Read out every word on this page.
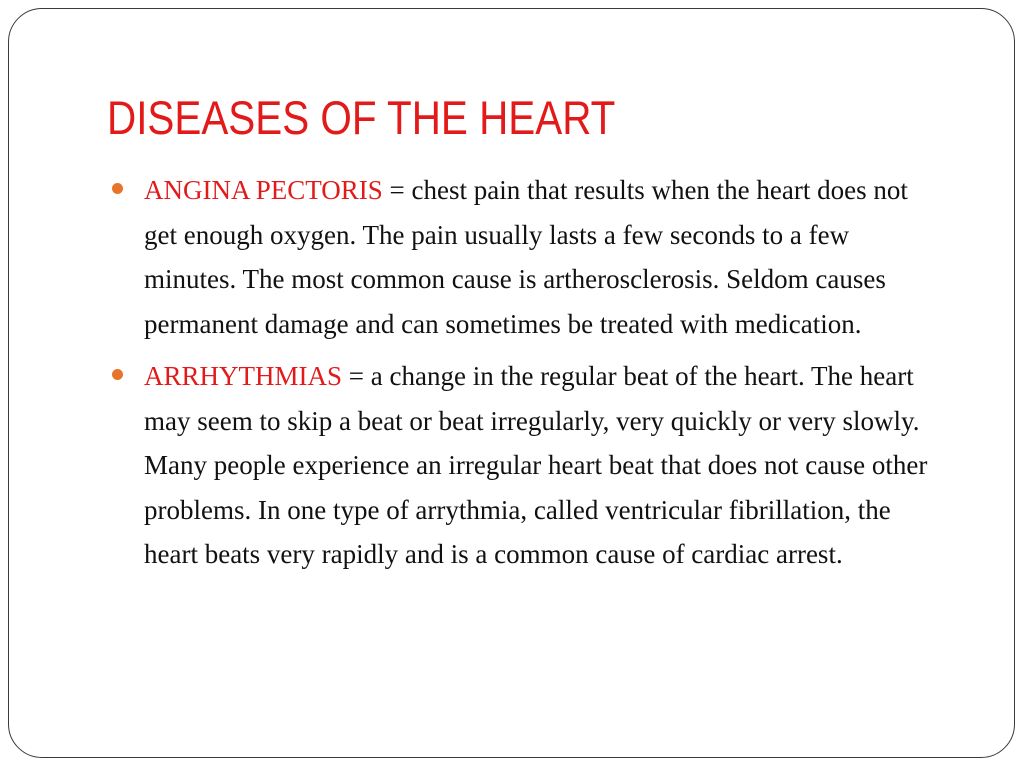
DISEASES OF THE HEART
ANGINA PECTORIS = chest pain that results when the heart does not get enough oxygen. The pain usually lasts a few seconds to a few minutes. The most common cause is artherosclerosis. Seldom causes permanent damage and can sometimes be treated with medication.
ARRHYTHMIAS = a change in the regular beat of the heart. The heart may seem to skip a beat or beat irregularly, very quickly or very slowly. Many people experience an irregular heart beat that does not cause other problems. In one type of arrythmia, called ventricular fibrillation, the heart beats very rapidly and is a common cause of cardiac arrest.
